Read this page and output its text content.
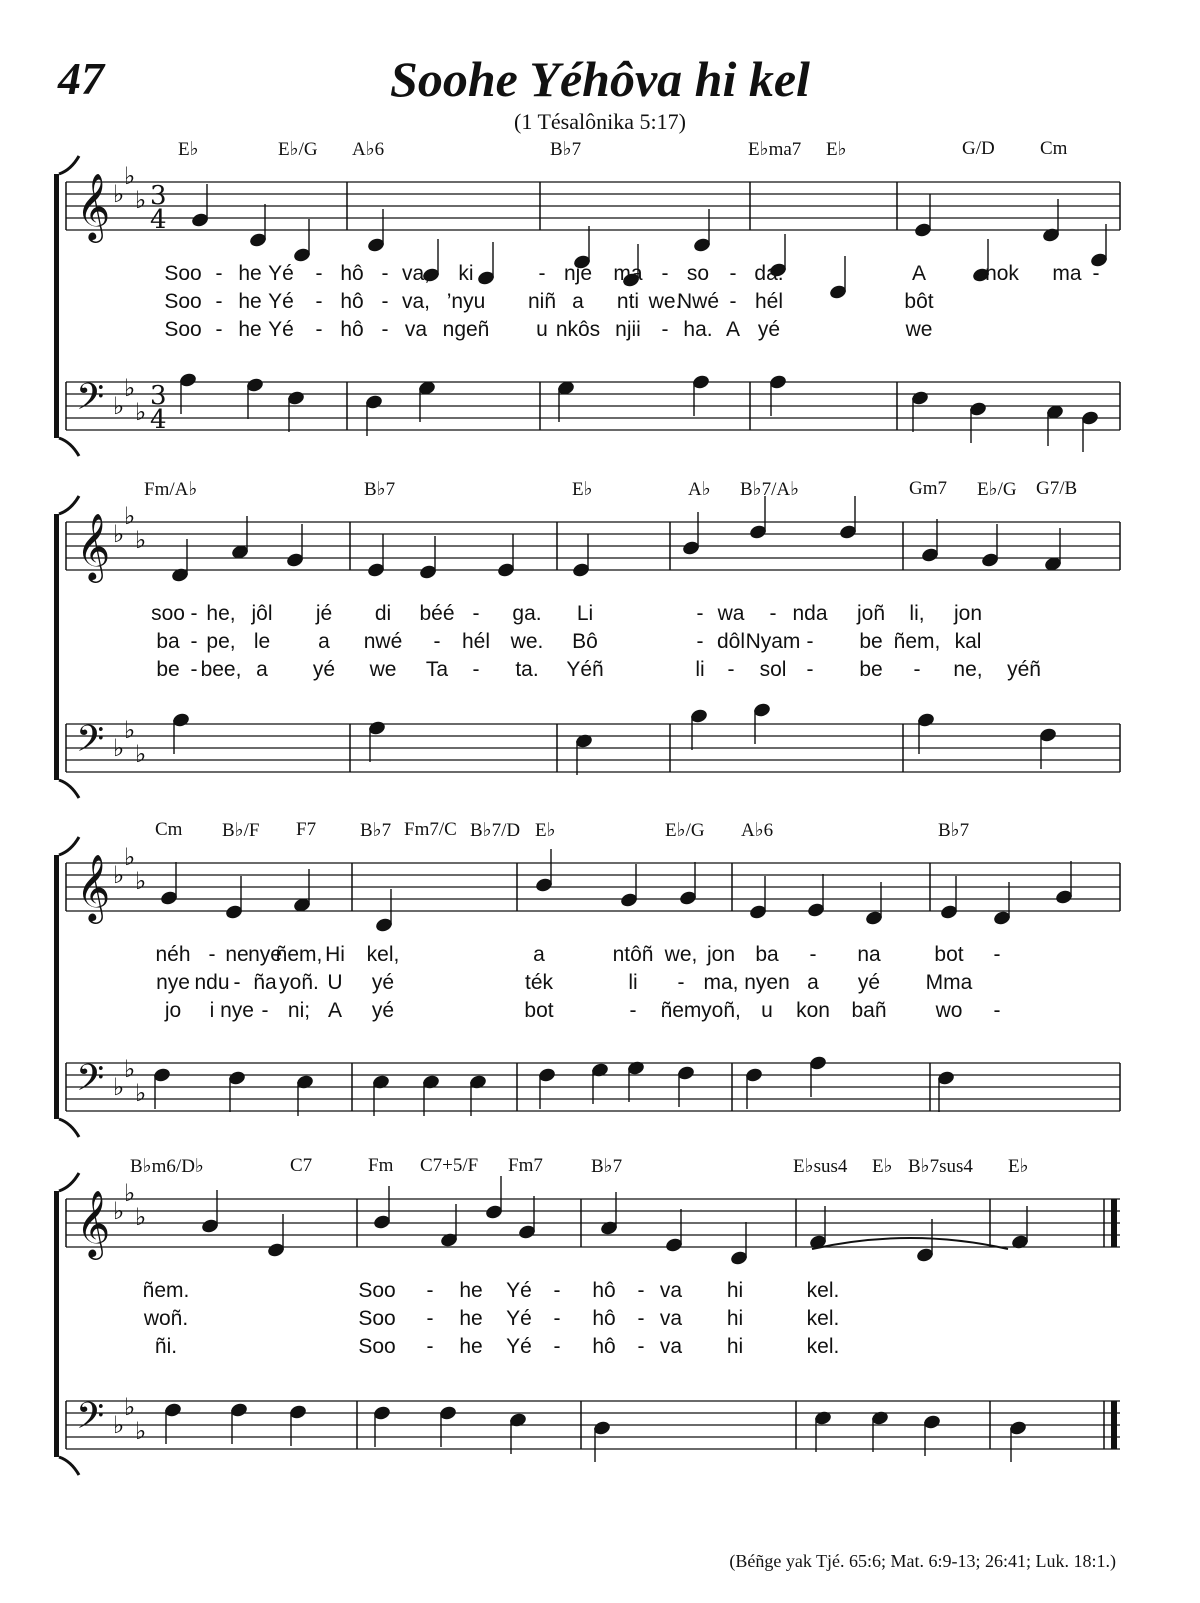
47	Soohe Yéhôva hi kel
(1 Tésalônika 5:17)
(Béñge yak Tjé. 65:6; Mat. 6:9-13; 26:41; Luk. 18:1.)
𝄞
𝄢
♭
♭
♭
♭
♭
♭
3
4
3
4
𝄞
𝄢
♭
♭
♭
♭
♭
♭
𝄞
𝄢
♭
♭
♭
♭
♭
♭
𝄞
𝄢
♭
♭
♭
♭
♭
♭
E♭	E♭/G A♭6	B♭7	E♭ma7 E♭	G/D Cm
Soo - he Yé - hô - va, ki	- nje ma - so - da.	A	nok ma -
Soo - he Yé - hô - va, ’nyu niñ a nti we.
Nwé - hél	bôt
Soo - he Yé - hô - va ngeñ u nkôs njii - ha. A yé	we
Fm/A♭	B♭7	E♭	A♭ B♭7/A♭	Gm7 E♭/G G7/B
soo - he, jôl jé di béé - ga. Li	- wa - nda joñ li, jon
ba - pe, le a nwé - hél we. Bô	- dôl Nyam - be ñem, kal
be - bee, a yé we Ta - ta. Yéñ	li - sol - be - ne, yéñ
Cm B♭/F F7 B♭7 Fm7/C B♭7/D E♭	E♭/G A♭6	B♭7
néh - ne nye
ñem, Hi kel,	a	ntôñ we, jon ba - na	bot -
nye ndu - ña yoñ. U yé	ték	li - ma, nyen a yé Mma
jo i nye - ni; A yé	bot	- ñem yoñ, u kon bañ wo -
B♭m6/D♭	C7	Fm C7+5/F Fm7	B♭7	E♭sus4 E♭ B♭7sus4 E♭
ñem.	Soo - he Yé - hô - va hi	kel.
woñ.	Soo - he Yé - hô - va hi	kel.
ñi.	Soo - he Yé - hô - va hi	kel.
